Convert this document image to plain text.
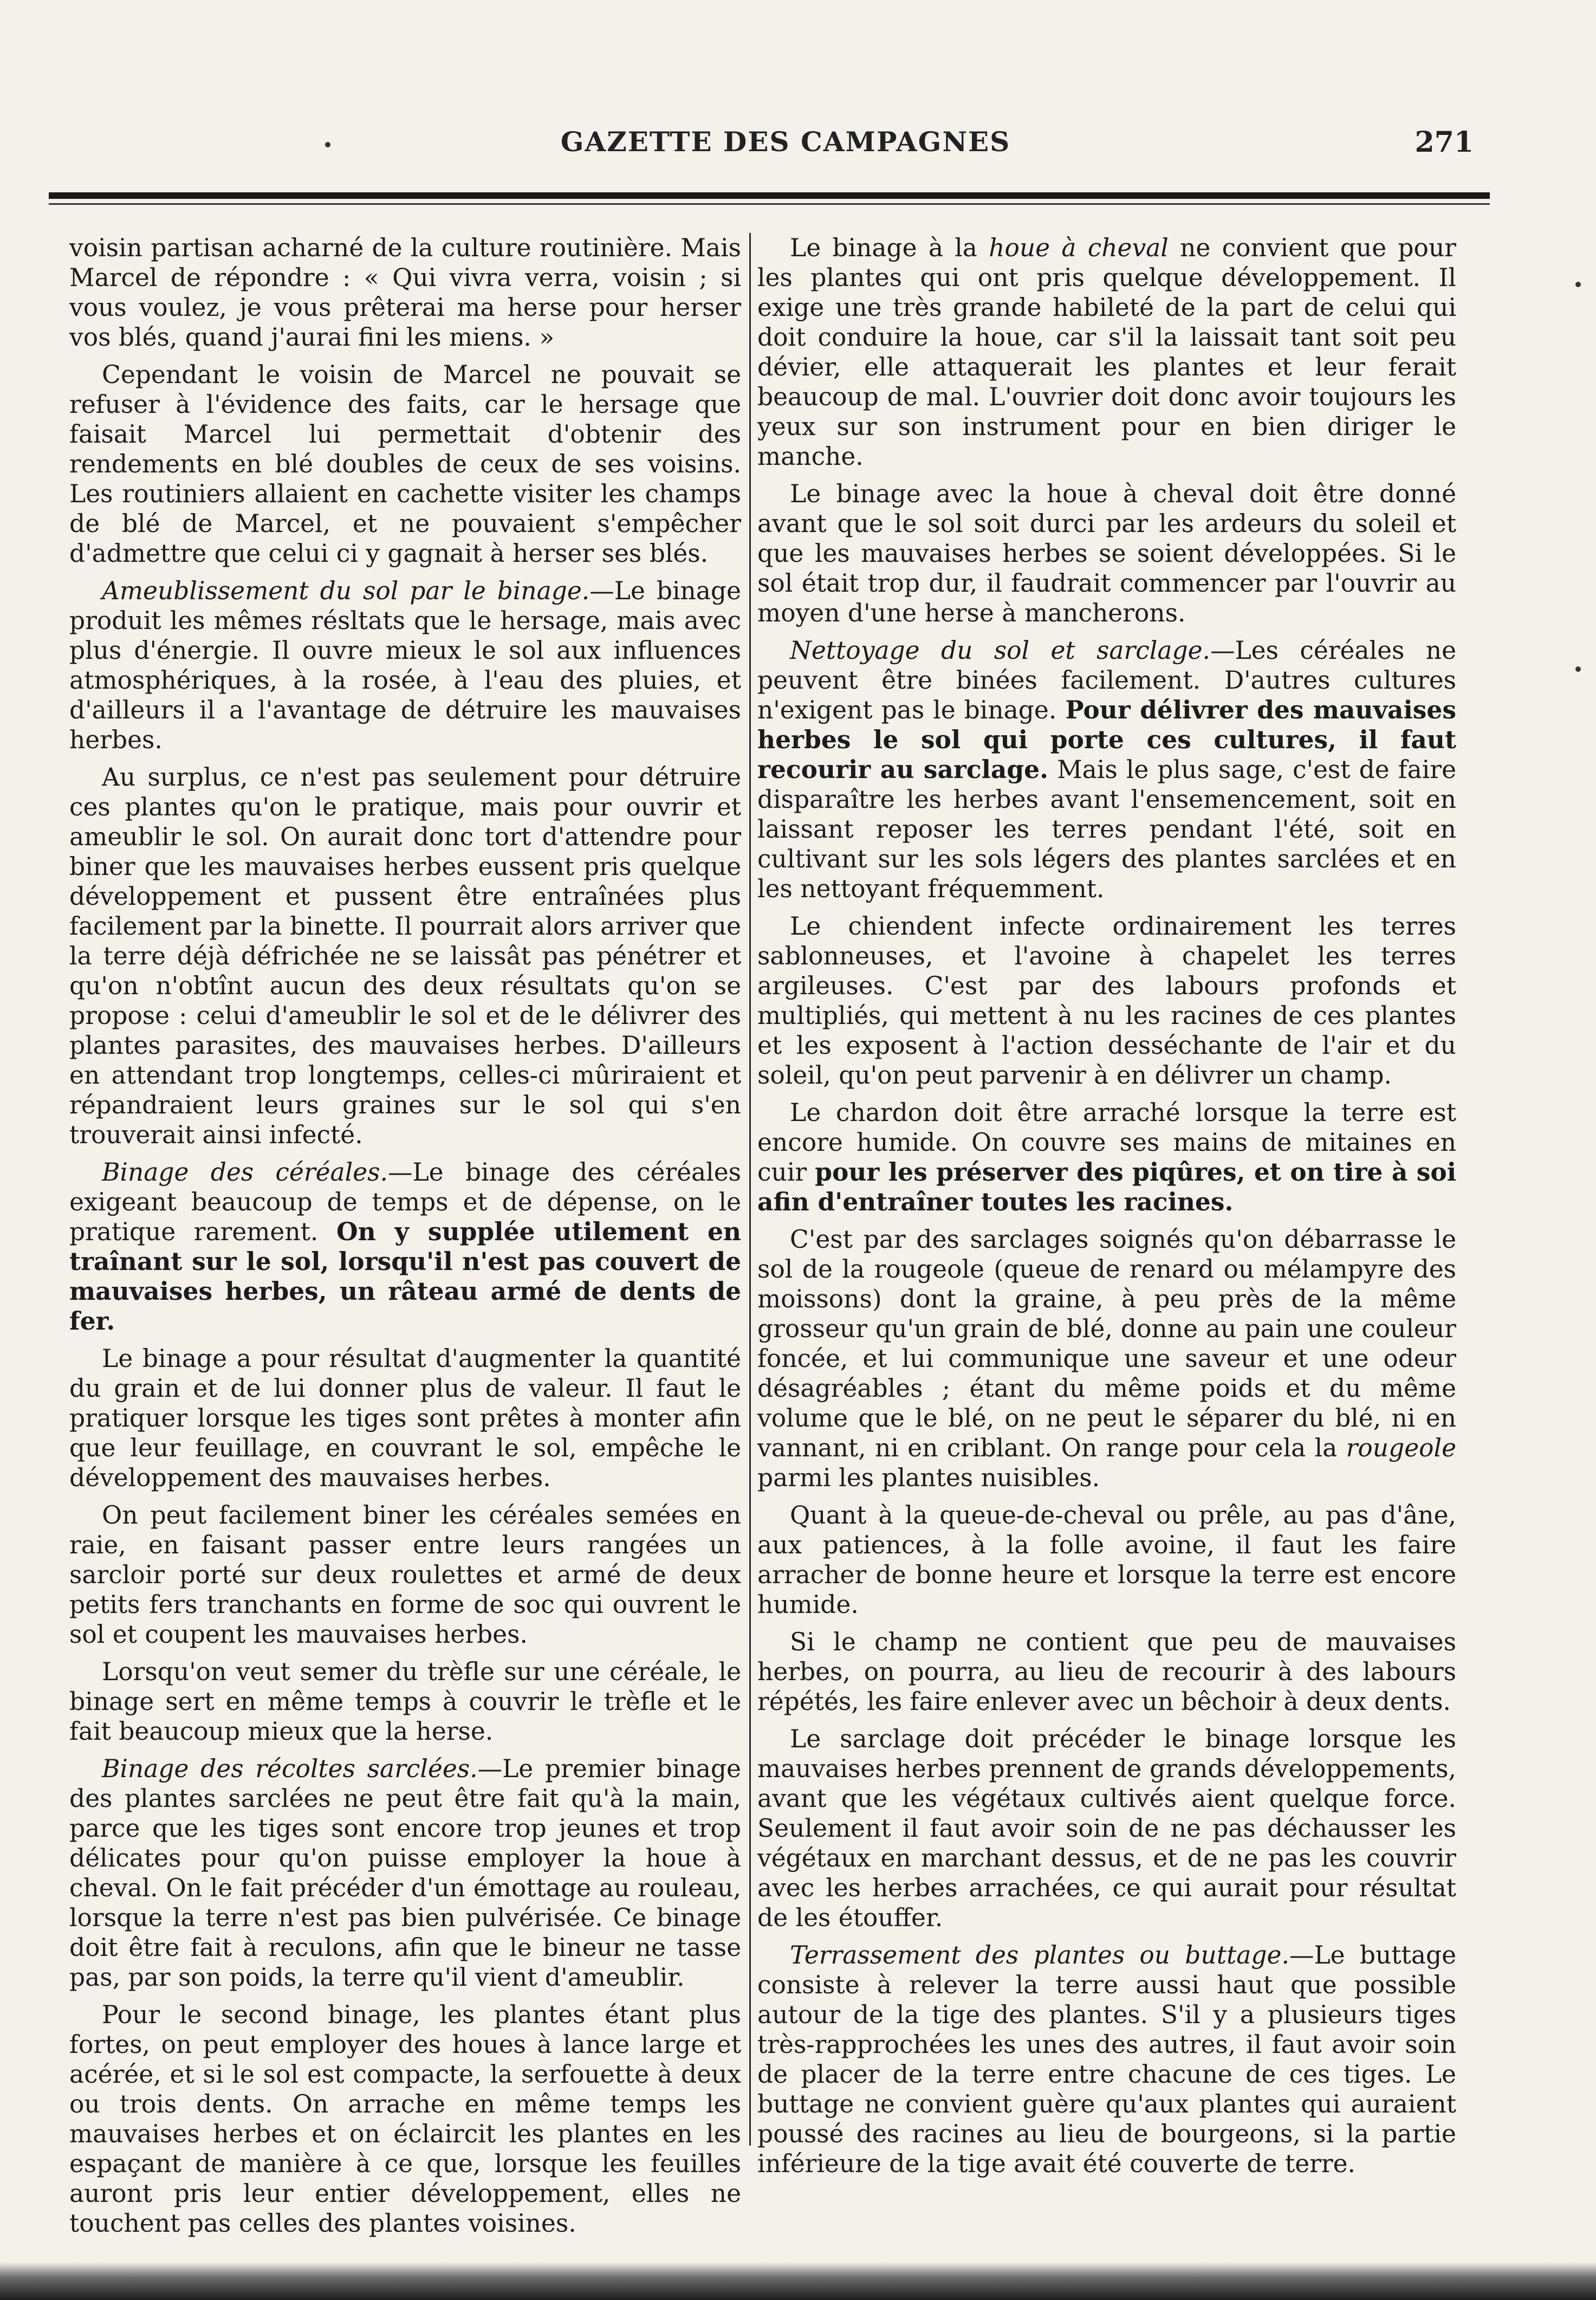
GAZETTE DES CAMPAGNES	271

voisin partisan acharné de la culture routinière. Mais Marcel de répondre : « Qui vivra verra, voisin ; si vous voulez, je vous prêterai ma herse pour herser vos blés, quand j'aurai fini les miens. »

Cependant le voisin de Marcel ne pouvait se refuser à l'évidence des faits, car le hersage que faisait Marcel lui permettait d'obtenir des rendements en blé doubles de ceux de ses voisins. Les routiniers allaient en cachette visiter les champs de blé de Marcel, et ne pouvaient s'empêcher d'admettre que celui ci y gagnait à herser ses blés.

Ameublissement du sol par le binage.—Le binage produit les mêmes résltats que le hersage, mais avec plus d'énergie. Il ouvre mieux le sol aux influences atmosphériques, à la rosée, à l'eau des pluies, et d'ailleurs il a l'avantage de détruire les mauvaises herbes.

Au surplus, ce n'est pas seulement pour détruire ces plantes qu'on le pratique, mais pour ouvrir et ameublir le sol. On aurait donc tort d'attendre pour biner que les mauvaises herbes eussent pris quelque développement et pussent être entraînées plus facilement par la binette. Il pourrait alors arriver que la terre déjà défrichée ne se laissât pas pénétrer et qu'on n'obtînt aucun des deux résultats qu'on se propose : celui d'ameublir le sol et de le délivrer des plantes parasites, des mauvaises herbes. D'ailleurs en attendant trop longtemps, celles-ci mûriraient et répandraient leurs graines sur le sol qui s'en trouverait ainsi infecté.

Binage des céréales.—Le binage des céréales exigeant beaucoup de temps et de dépense, on le pratique rarement. On y supplée utilement en traînant sur le sol, lorsqu'il n'est pas couvert de mauvaises herbes, un râteau armé de dents de fer.

Le binage a pour résultat d'augmenter la quantité du grain et de lui donner plus de valeur. Il faut le pratiquer lorsque les tiges sont prêtes à monter afin que leur feuillage, en couvrant le sol, empêche le développement des mauvaises herbes.

On peut facilement biner les céréales semées en raie, en faisant passer entre leurs rangées un sarcloir porté sur deux roulettes et armé de deux petits fers tranchants en forme de soc qui ouvrent le sol et coupent les mauvaises herbes.

Lorsqu'on veut semer du trèfle sur une céréale, le binage sert en même temps à couvrir le trèfle et le fait beaucoup mieux que la herse.

Binage des récoltes sarclées.—Le premier binage des plantes sarclées ne peut être fait qu'à la main, parce que les tiges sont encore trop jeunes et trop délicates pour qu'on puisse employer la houe à cheval. On le fait précéder d'un émottage au rouleau, lorsque la terre n'est pas bien pulvérisée. Ce binage doit être fait à reculons, afin que le bineur ne tasse pas, par son poids, la terre qu'il vient d'ameublir.

Pour le second binage, les plantes étant plus fortes, on peut employer des houes à lance large et acérée, et si le sol est compacte, la serfouette à deux ou trois dents. On arrache en même temps les mauvaises herbes et on éclaircit les plantes en les espaçant de manière à ce que, lorsque les feuilles auront pris leur entier développement, elles ne touchent pas celles des plantes voisines.

Le binage à la houe à cheval ne convient que pour les plantes qui ont pris quelque développement. Il exige une très grande habileté de la part de celui qui doit conduire la houe, car s'il la laissait tant soit peu dévier, elle attaquerait les plantes et leur ferait beaucoup de mal. L'ouvrier doit donc avoir toujours les yeux sur son instrument pour en bien diriger le manche.

Le binage avec la houe à cheval doit être donné avant que le sol soit durci par les ardeurs du soleil et que les mauvaises herbes se soient développées. Si le sol était trop dur, il faudrait commencer par l'ouvrir au moyen d'une herse à mancherons.

Nettoyage du sol et sarclage.—Les céréales ne peuvent être binées facilement. D'autres cultures n'exigent pas le binage. Pour délivrer des mauvaises herbes le sol qui porte ces cultures, il faut recourir au sarclage. Mais le plus sage, c'est de faire disparaître les herbes avant l'ensemencement, soit en laissant reposer les terres pendant l'été, soit en cultivant sur les sols légers des plantes sarclées et en les nettoyant fréquemment.

Le chiendent infecte ordinairement les terres sablonneuses, et l'avoine à chapelet les terres argileuses. C'est par des labours profonds et multipliés, qui mettent à nu les racines de ces plantes et les exposent à l'action desséchante de l'air et du soleil, qu'on peut parvenir à en délivrer un champ.

Le chardon doit être arraché lorsque la terre est encore humide. On couvre ses mains de mitaines en cuir pour les préserver des piqûres, et on tire à soi afin d'entraîner toutes les racines.

C'est par des sarclages soignés qu'on débarrasse le sol de la rougeole (queue de renard ou mélampyre des moissons) dont la graine, à peu près de la même grosseur qu'un grain de blé, donne au pain une couleur foncée, et lui communique une saveur et une odeur désagréables ; étant du même poids et du même volume que le blé, on ne peut le séparer du blé, ni en vannant, ni en criblant. On range pour cela la rougeole parmi les plantes nuisibles.

Quant à la queue-de-cheval ou prêle, au pas d'âne, aux patiences, à la folle avoine, il faut les faire arracher de bonne heure et lorsque la terre est encore humide.

Si le champ ne contient que peu de mauvaises herbes, on pourra, au lieu de recourir à des labours répétés, les faire enlever avec un bêchoir à deux dents.

Le sarclage doit précéder le binage lorsque les mauvaises herbes prennent de grands développements, avant que les végétaux cultivés aient quelque force. Seulement il faut avoir soin de ne pas déchausser les végétaux en marchant dessus, et de ne pas les couvrir avec les herbes arrachées, ce qui aurait pour résultat de les étouffer.

Terrassement des plantes ou buttage.—Le buttage consiste à relever la terre aussi haut que possible autour de la tige des plantes. S'il y a plusieurs tiges très-rapprochées les unes des autres, il faut avoir soin de placer de la terre entre chacune de ces tiges. Le buttage ne convient guère qu'aux plantes qui auraient poussé des racines au lieu de bourgeons, si la partie inférieure de la tige avait été couverte de terre.
